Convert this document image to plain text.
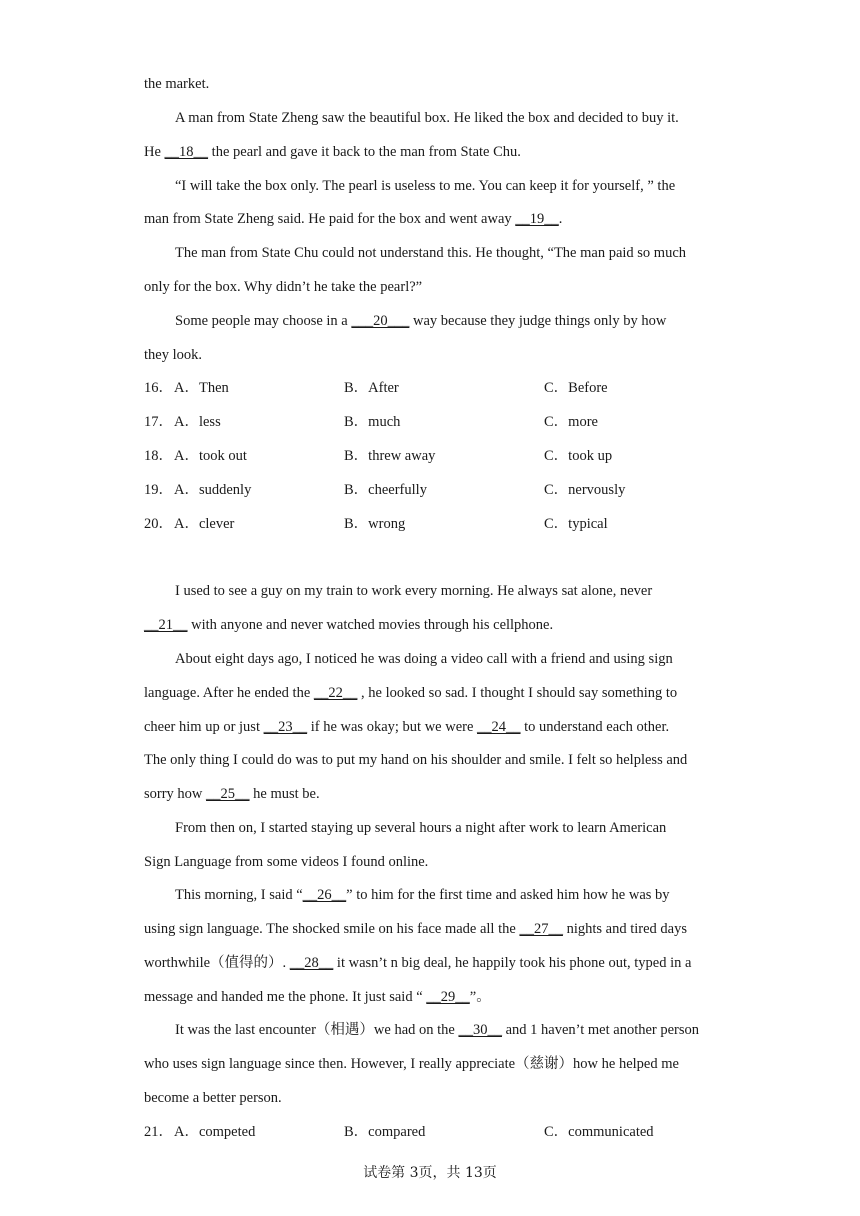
the market.
A man from State Zheng saw the beautiful box. He liked the box and decided to buy it.
He __18__ the pearl and gave it back to the man from State Chu.
“I will take the box only. The pearl is useless to me. You can keep it for yourself, ” the
man from State Zheng said. He paid for the box and went away __19__.
The man from State Chu could not understand this. He thought, “The man paid so much
only for the box. Why didn’t he take the pearl?”
Some people may choose in a ___20___ way because they judge things only by how
they look.
16． A．Then	B．After	C．Before
17． A．less	B．much	C．more
18． A．took out	B．threw away	C．took up
19． A．suddenly	B．cheerfully	C．nervously
20． A．clever	B．wrong	C．typical
I used to see a guy on my train to work every morning. He always sat alone, never
__21__ with anyone and never watched movies through his cellphone.
About eight days ago, I noticed he was doing a video call with a friend and using sign
language. After he ended the __22__ , he looked so sad. I thought I should say something to
cheer him up or just __23__ if he was okay; but we were __24__ to understand each other.
The only thing I could do was to put my hand on his shoulder and smile. I felt so helpless and
sorry how __25__ he must be.
From then on, I started staying up several hours a night after work to learn American
Sign Language from some videos I found online.
This morning, I said “__26__” to him for the first time and asked him how he was by
using sign language. The shocked smile on his face made all the __27__ nights and tired days
worthwhile（值得的）. __28__ it wasn’t n big deal, he happily took his phone out, typed in a
message and handed me the phone. It just said “ __29__”。
It was the last encounter（相遇）we had on the __30__ and 1 haven’t met another person
who uses sign language since then. However, I really appreciate（慈谢）how he helped me
become a better person.
21． A．competed	B．compared	C．communicated
试卷第 3页，共 13页
